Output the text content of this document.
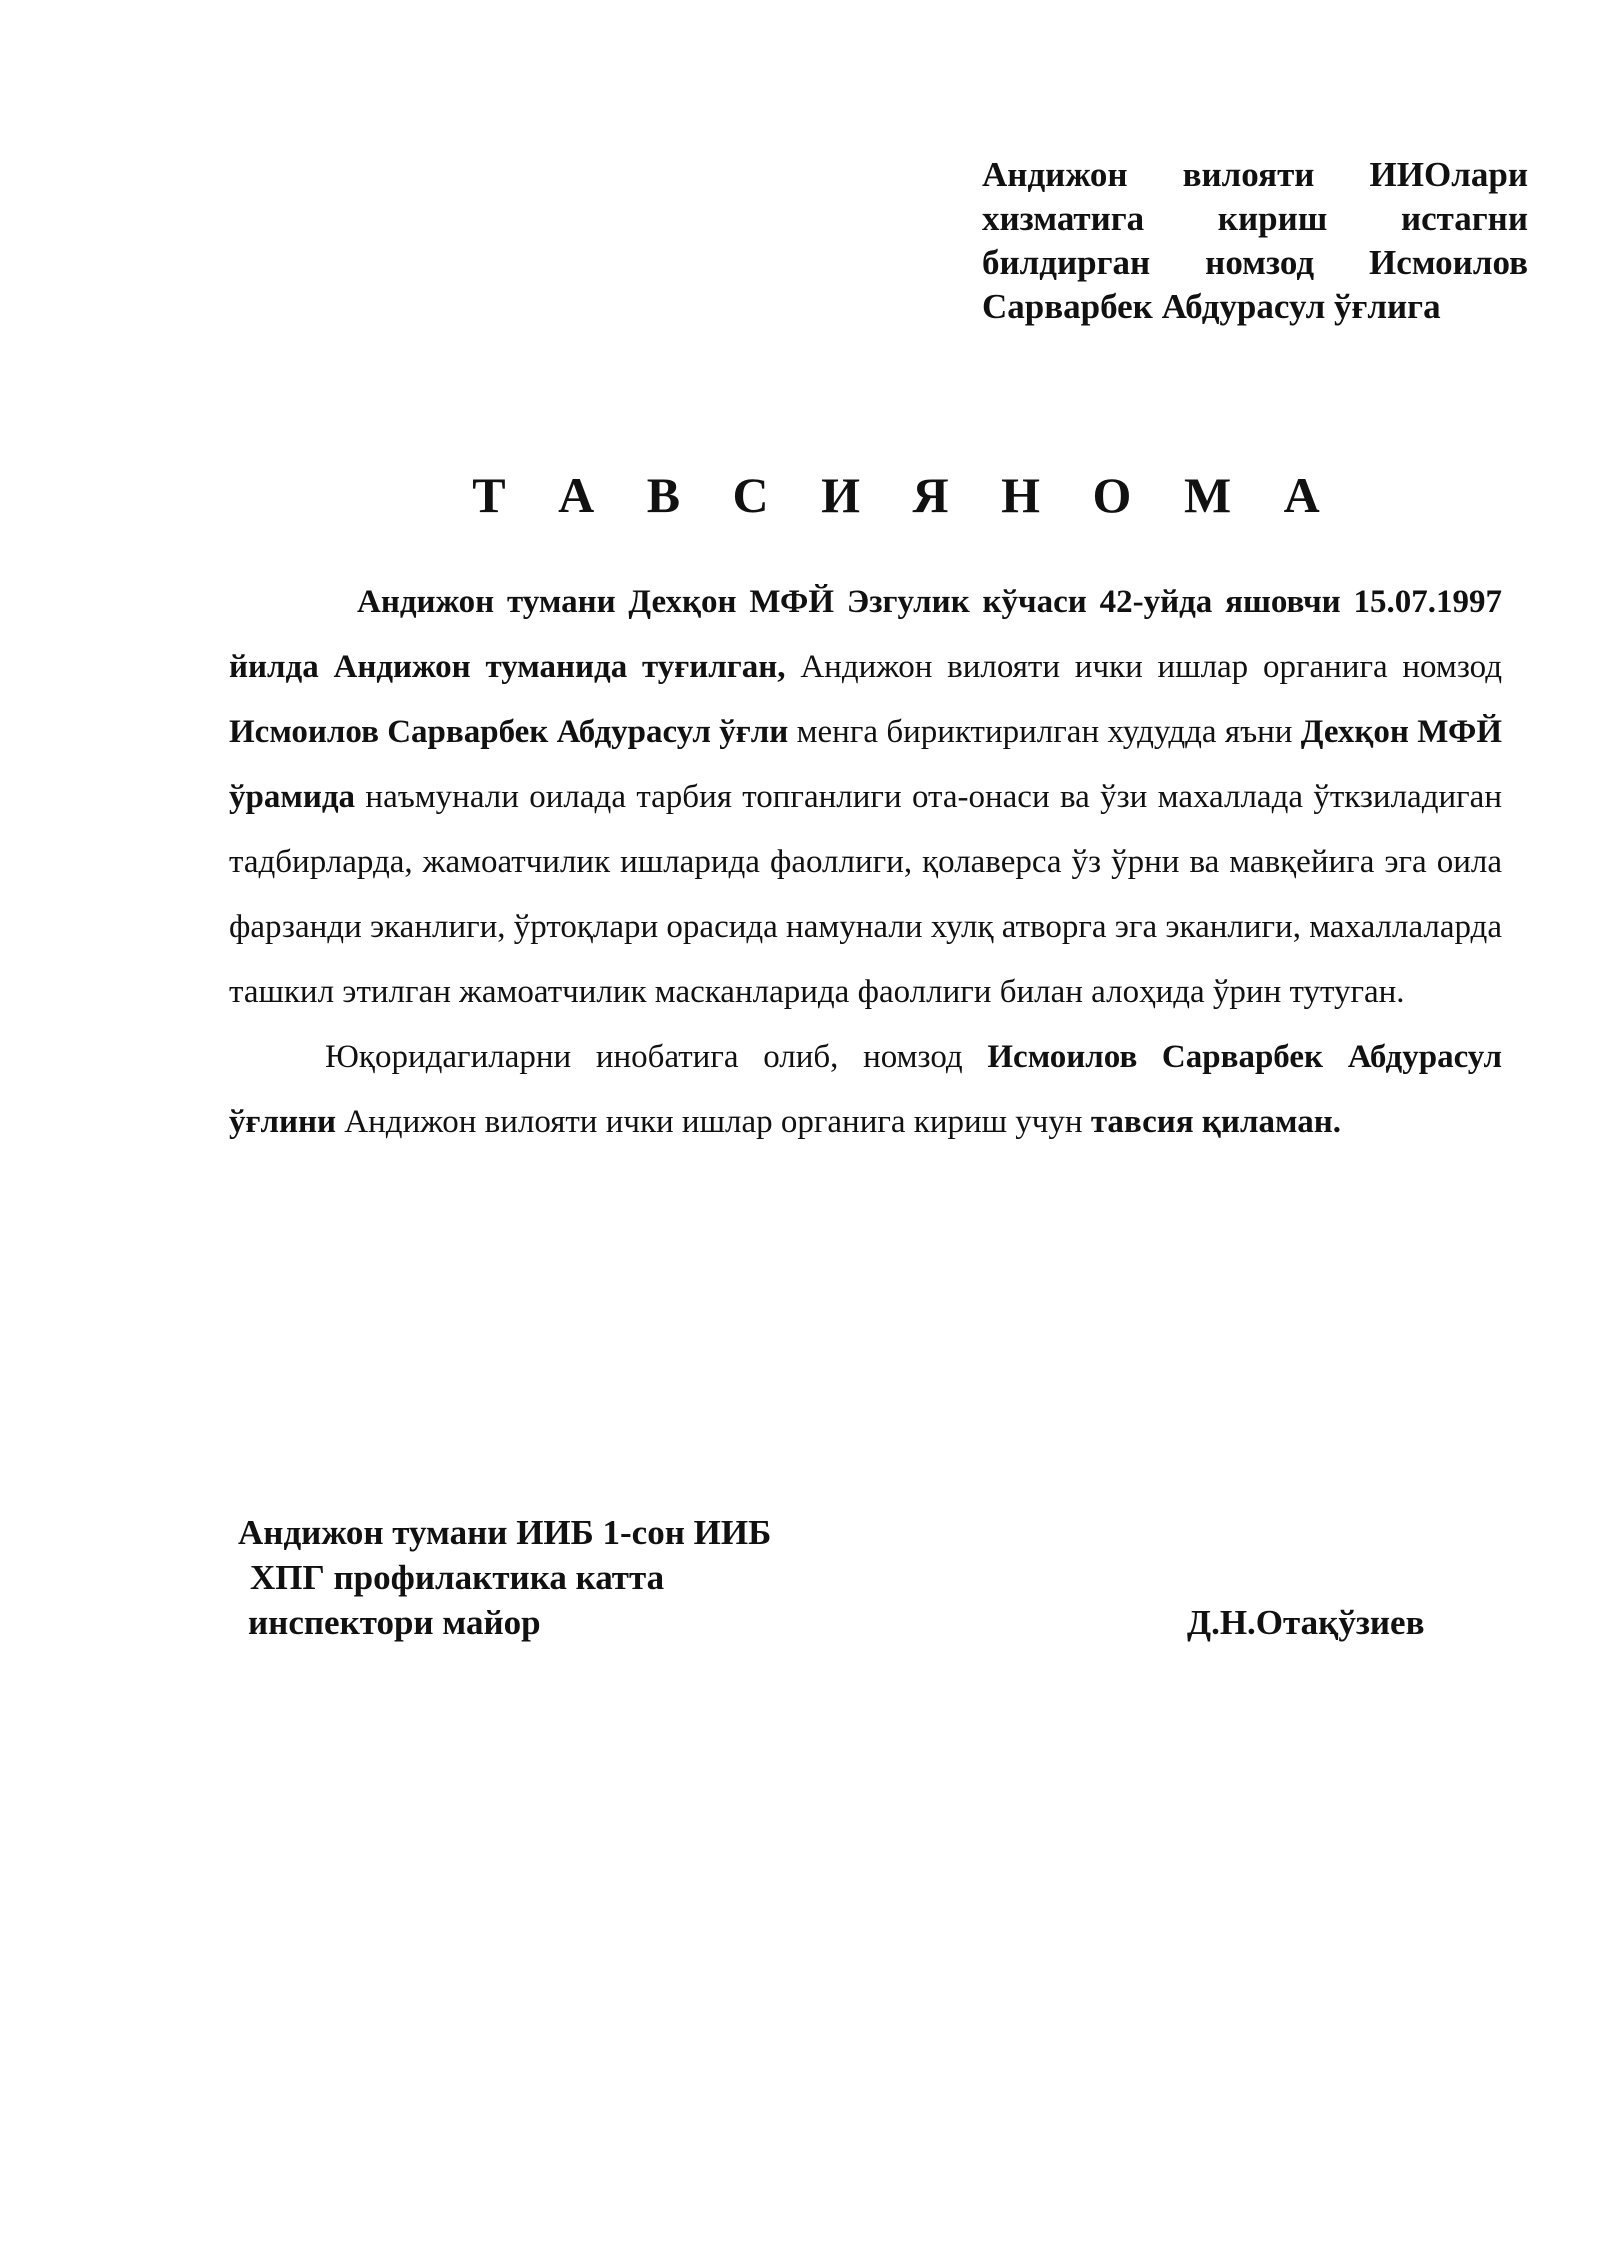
Андижон вилояти ИИОлари
хизматига кириш истагни
билдирган номзод Исмоилов
Сарварбек Абдурасул ўғлига
Т А В С И Я Н О М А

Андижон тумани Дехқон МФЙ Эзгулик кўчаси 42-уйда яшовчи 15.07.1997 йилда Андижон туманида туғилган, Андижон вилояти ички ишлар органига номзод Исмоилов Сарварбек Абдурасул ўғли менга бириктирилган худудда яъни Дехқон МФЙ ўрамида наъмунали оилада тарбия топганлиги ота-онаси ва ўзи махаллада ўткзиладиган тадбирларда, жамоатчилик ишларида фаоллиги, қолаверса ўз ўрни ва мавқейига эга оила фарзанди эканлиги, ўртоқлари орасида намунали хулқ атворга эга эканлиги, махаллаларда ташкил этилган жамоатчилик масканларида фаоллиги билан алоҳида ўрин тутуган.

Юқоридагиларни инобатига олиб, номзод Исмоилов Сарварбек Абдурасул ўғлини Андижон вилояти ички ишлар органига кириш учун тавсия қиламан.

Андижон тумани ИИБ 1-сон ИИБ
ХПГ профилактика катта
инспектори майор	Д.Н.Отақўзиев
